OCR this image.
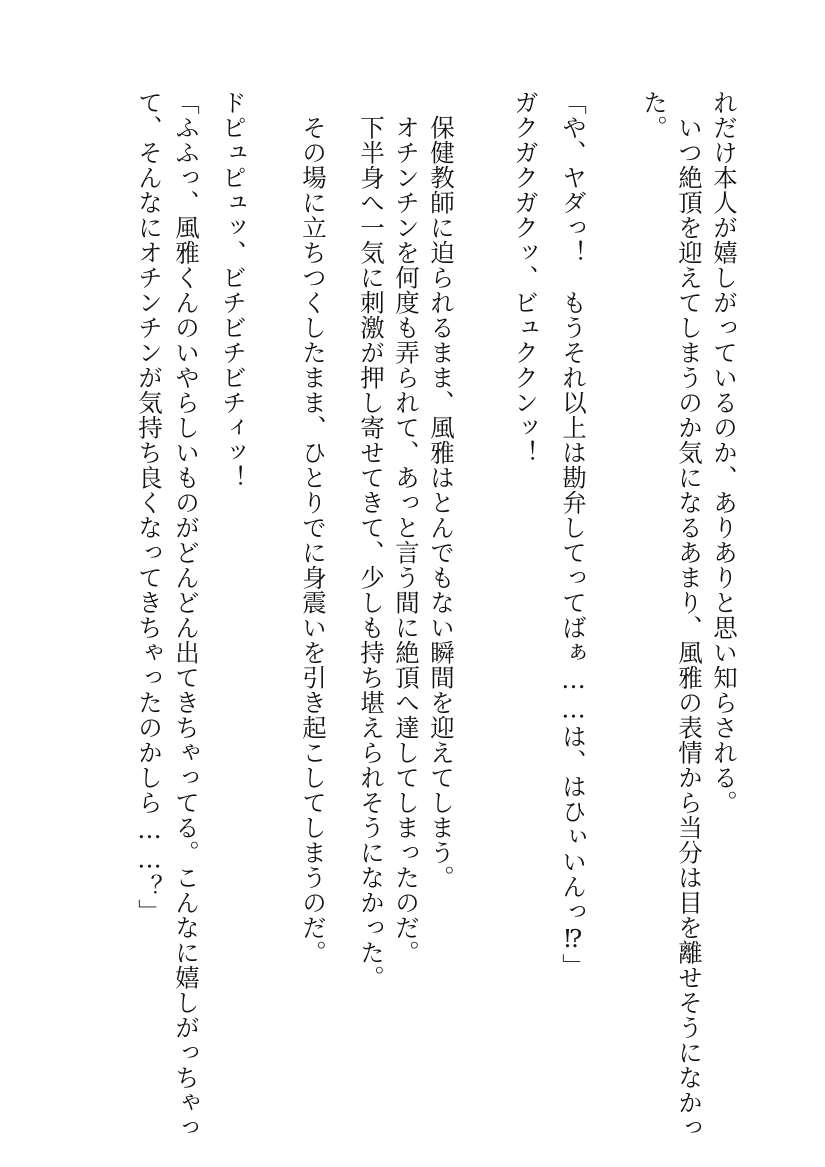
れだけ本人が嬉しがっているのか、ありありと思い知らされる。
　いつ絶頂を迎えてしまうのか気になるあまり、風雅の表情から当分は目を離せそうになかっ
た。
「や、ヤダっ！　もうそれ以上は勘弁してってばぁ……は、はひぃいんっ⁉」
ガクガクガクッ、ビュククンッ！
　保健教師に迫られるまま、風雅はとんでもない瞬間を迎えてしまう。
　オチンチンを何度も弄られて、あっと言う間に絶頂へ達してしまったのだ。
　下半身へ一気に刺激が押し寄せてきて、少しも持ち堪えられそうになかった。
　その場に立ちつくしたまま、ひとりでに身震いを引き起こしてしまうのだ。
ドピュピュッ、ビチビチビチィッ！
「ふふっ、風雅くんのいやらしいものがどんどん出てきちゃってる。こんなに嬉しがっちゃっ
て、そんなにオチンチンが気持ち良くなってきちゃったのかしら……？」
